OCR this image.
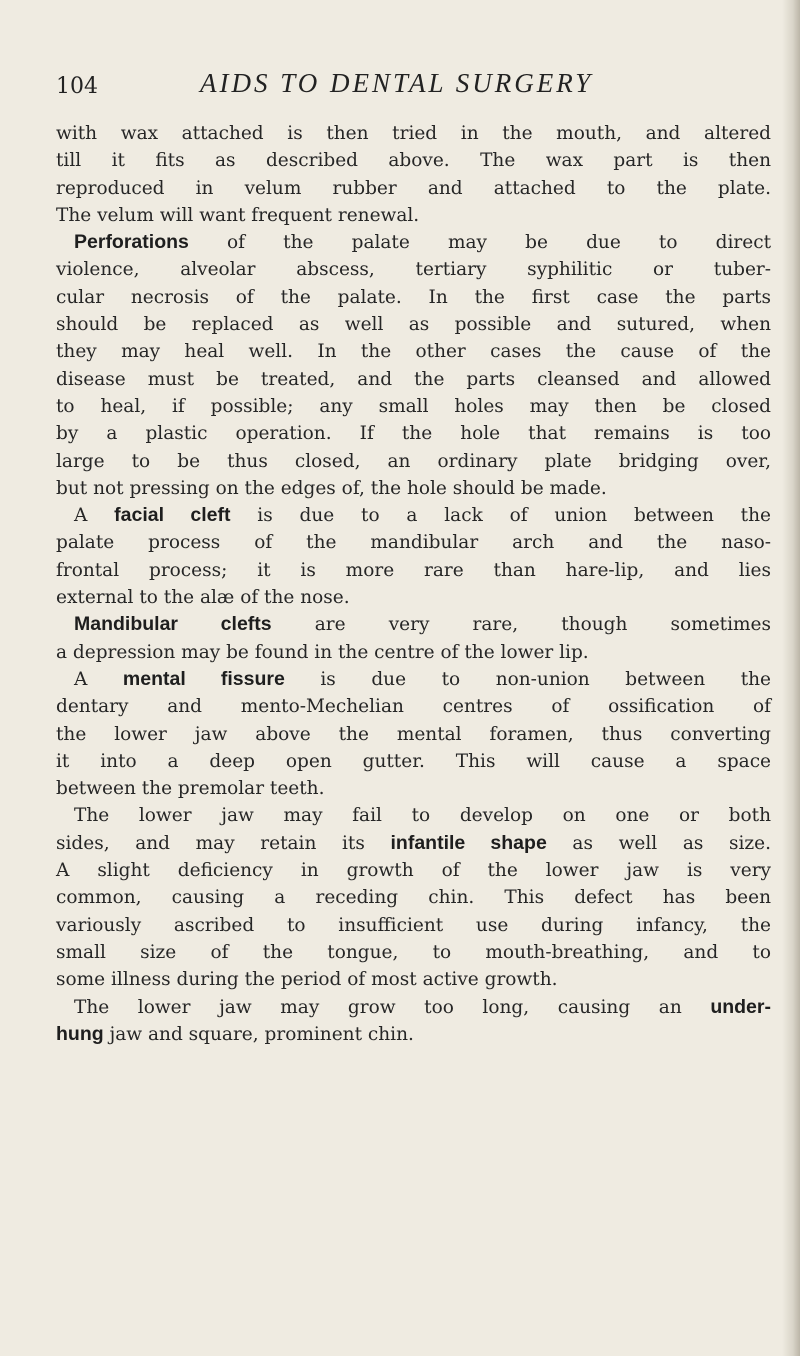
104	AIDS TO DENTAL SURGERY
with wax attached is then tried in the mouth, and altered
till it fits as described above. The wax part is then
reproduced in velum rubber and attached to the plate.
The velum will want frequent renewal.
Perforations of the palate may be due to direct
violence, alveolar abscess, tertiary syphilitic or tuber-
cular necrosis of the palate. In the first case the parts
should be replaced as well as possible and sutured, when
they may heal well. In the other cases the cause of the
disease must be treated, and the parts cleansed and allowed
to heal, if possible; any small holes may then be closed
by a plastic operation. If the hole that remains is too
large to be thus closed, an ordinary plate bridging over,
but not pressing on the edges of, the hole should be made.
A facial cleft is due to a lack of union between the
palate process of the mandibular arch and the naso-
frontal process; it is more rare than hare-lip, and lies
external to the alæ of the nose.
Mandibular clefts are very rare, though sometimes
a depression may be found in the centre of the lower lip.
A mental fissure is due to non-union between the
dentary and mento-Mechelian centres of ossification of
the lower jaw above the mental foramen, thus converting
it into a deep open gutter. This will cause a space
between the premolar teeth.
The lower jaw may fail to develop on one or both
sides, and may retain its infantile shape as well as size.
A slight deficiency in growth of the lower jaw is very
common, causing a receding chin. This defect has been
variously ascribed to insufficient use during infancy, the
small size of the tongue, to mouth-breathing, and to
some illness during the period of most active growth.
The lower jaw may grow too long, causing an under-
hung jaw and square, prominent chin.
